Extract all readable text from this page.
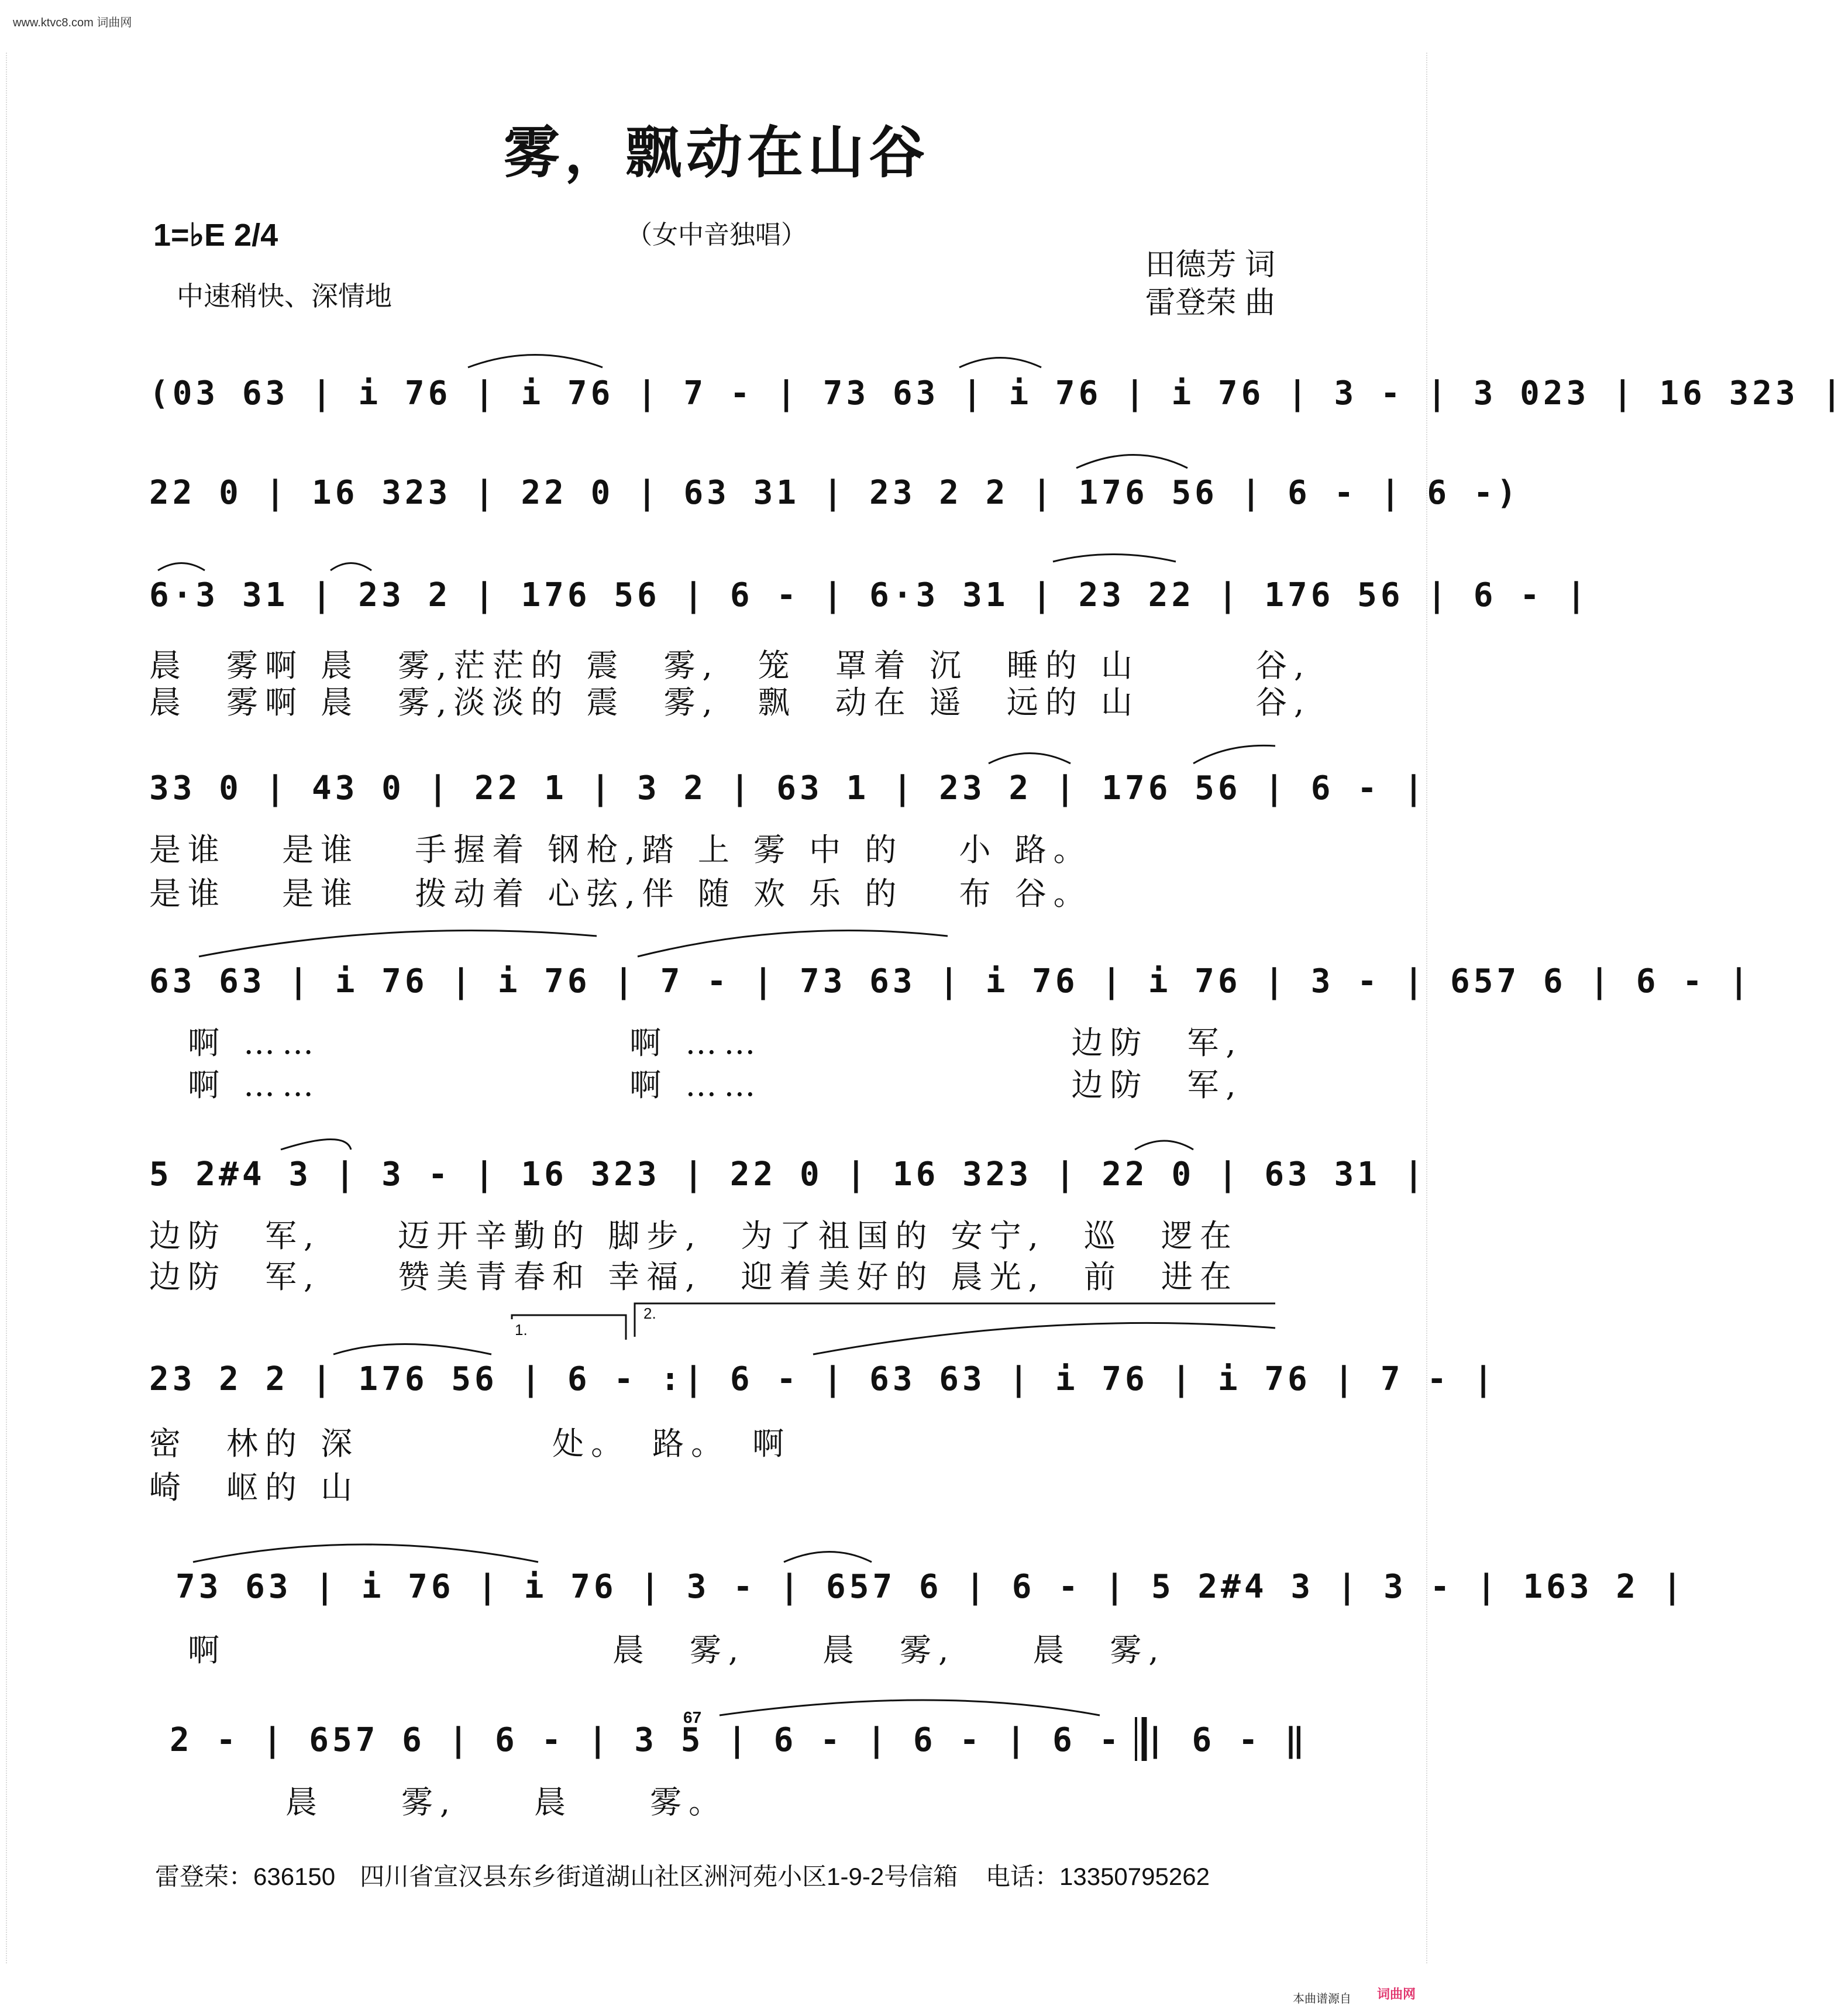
www.ktvc8.com 词曲网
雾，飘动在山谷
（女中音独唱）
1=♭E 2/4
中速稍快、深情地
田德芳 词
雷登荣 曲
(03 63 | i 76 | i 76 | 7 - | 73 63 | i 76 | i 76 | 3 - | 3 023 | 16 323 |
22 0 | 16 323 | 22 0 | 63 31 | 23 2 2 | 176 56 | 6 - | 6 -)
6·3 31 | 23 2 | 176 56 | 6 - | 6·3 31 | 23 22 | 176 56 | 6 - |
晨　雾啊 晨　雾,茫茫的 震　雾,　笼　罩着 沉　睡的 山　　　谷,
晨　雾啊 晨　雾,淡淡的 震　雾,　飘　动在 遥　远的 山　　　谷,
33 0 | 43 0 | 22 1 | 3 2 | 63 1 | 23 2 | 176 56 | 6 - |
是谁　 是谁　 手握着 钢枪,踏 上 雾 中 的　 小 路。
是谁　 是谁　 拨动着 心弦,伴 随 欢 乐 的　 布 谷。
63 63 | i 76 | i 76 | 7 - | 73 63 | i 76 | i 76 | 3 - | 657 6 | 6 - |
　啊 ……　　　　　　　　啊 ……　　　　　　　　边防　军,
　啊 ……　　　　　　　　啊 ……　　　　　　　　边防　军,
5 2#4 3 | 3 - | 16 323 | 22 0 | 16 323 | 22 0 | 63 31 |
边防　军,　　迈开辛勤的 脚步,　为了祖国的 安宁,　巡　逻在
边防　军,　　赞美青春和 幸福,　迎着美好的 晨光,　前　进在
1.
2.
23 2 2 | 176 56 | 6 - :| 6 - | 63 63 | i 76 | i 76 | 7 - |
密　林的 深　　　　　处。　路。　啊
崎　岖的 山
73 63 | i 76 | i 76 | 3 - | 657 6 | 6 - | 5 2#4 3 | 3 - | 163 2 |
　啊　　　　　　　　　　晨　雾,　　晨　雾,　　晨　雾,
67
2 - | 657 6 | 6 - | 3 5 | 6 - | 6 - | 6 - | 6 - ‖
　　　晨　　雾,　　晨　　雾。
雷登荣：636150　四川省宣汉县东乡街道湖山社区洲河苑小区1-9-2号信箱 电话：13350795262
本曲谱源自 词曲网
